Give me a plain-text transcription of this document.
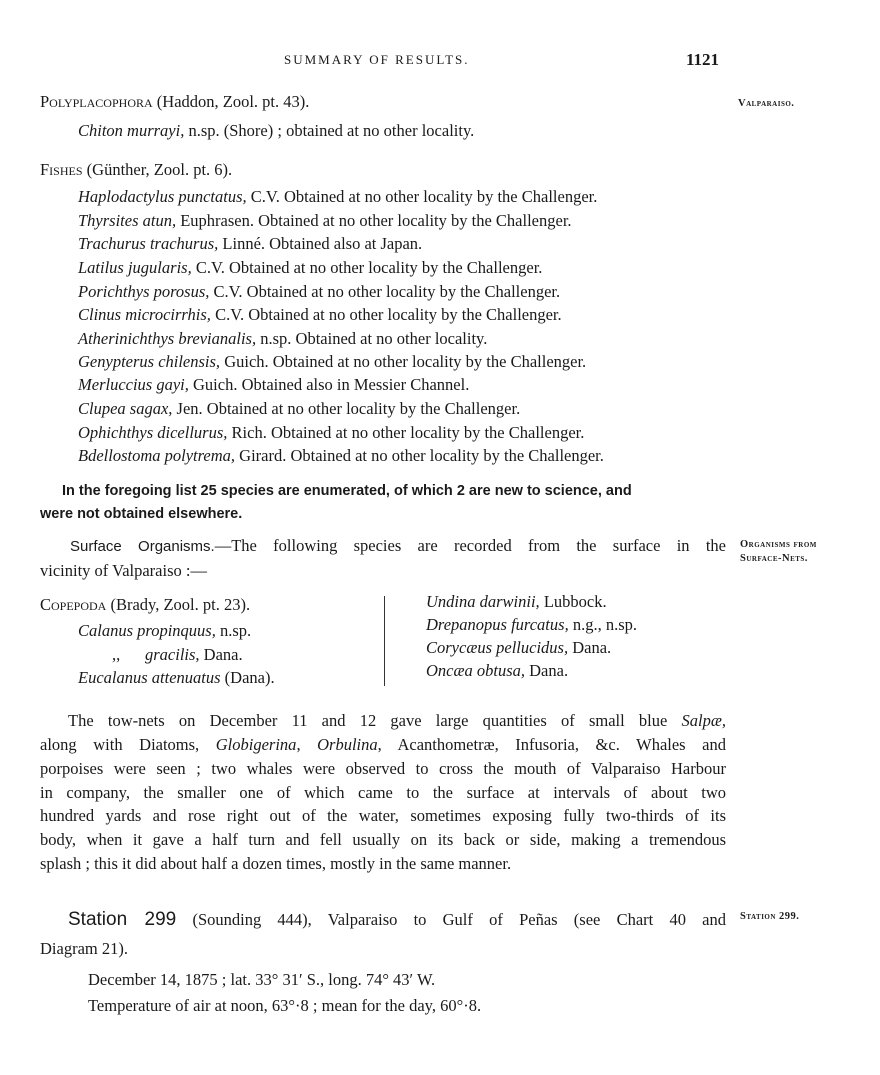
SUMMARY OF RESULTS.	1121
Valparaiso.
Organisms from
Surface-Nets.
Station 299.
Polyplacophora (Haddon, Zool. pt. 43).
Chiton murrayi, n.sp. (Shore) ; obtained at no other locality.
Fishes (Günther, Zool. pt. 6).
Haplodactylus punctatus, C.V. Obtained at no other locality by the Challenger.
Thyrsites atun, Euphrasen. Obtained at no other locality by the Challenger.
Trachurus trachurus, Linné. Obtained also at Japan.
Latilus jugularis, C.V. Obtained at no other locality by the Challenger.
Porichthys porosus, C.V. Obtained at no other locality by the Challenger.
Clinus microcirrhis, C.V. Obtained at no other locality by the Challenger.
Atherinichthys brevianalis, n.sp. Obtained at no other locality.
Genypterus chilensis, Guich. Obtained at no other locality by the Challenger.
Merluccius gayi, Guich. Obtained also in Messier Channel.
Clupea sagax, Jen. Obtained at no other locality by the Challenger.
Ophichthys dicellurus, Rich. Obtained at no other locality by the Challenger.
Bdellostoma polytrema, Girard. Obtained at no other locality by the Challenger.
In the foregoing list 25 species are enumerated, of which 2 are new to science, and
were not obtained elsewhere.
Surface Organisms.—The following species are recorded from the surface in the
vicinity of Valparaiso :—
Copepoda (Brady, Zool. pt. 23).
Calanus propinquus, n.sp.
,,      gracilis, Dana.
Eucalanus attenuatus (Dana).
Undina darwinii, Lubbock.
Drepanopus furcatus, n.g., n.sp.
Corycæus pellucidus, Dana.
Oncæa obtusa, Dana.
The tow-nets on December 11 and 12 gave large quantities of small blue Salpæ,
along with Diatoms, Globigerina, Orbulina, Acanthometræ, Infusoria, &c. Whales and
porpoises were seen ; two whales were observed to cross the mouth of Valparaiso Harbour
in company, the smaller one of which came to the surface at intervals of about two
hundred yards and rose right out of the water, sometimes exposing fully two-thirds of its
body, when it gave a half turn and fell usually on its back or side, making a tremendous
splash ; this it did about half a dozen times, mostly in the same manner.
Station 299 (Sounding 444), Valparaiso to Gulf of Peñas (see Chart 40 and
Diagram 21).
December 14, 1875 ; lat. 33° 31′ S., long. 74° 43′ W.
Temperature of air at noon, 63°·8 ; mean for the day, 60°·8.
